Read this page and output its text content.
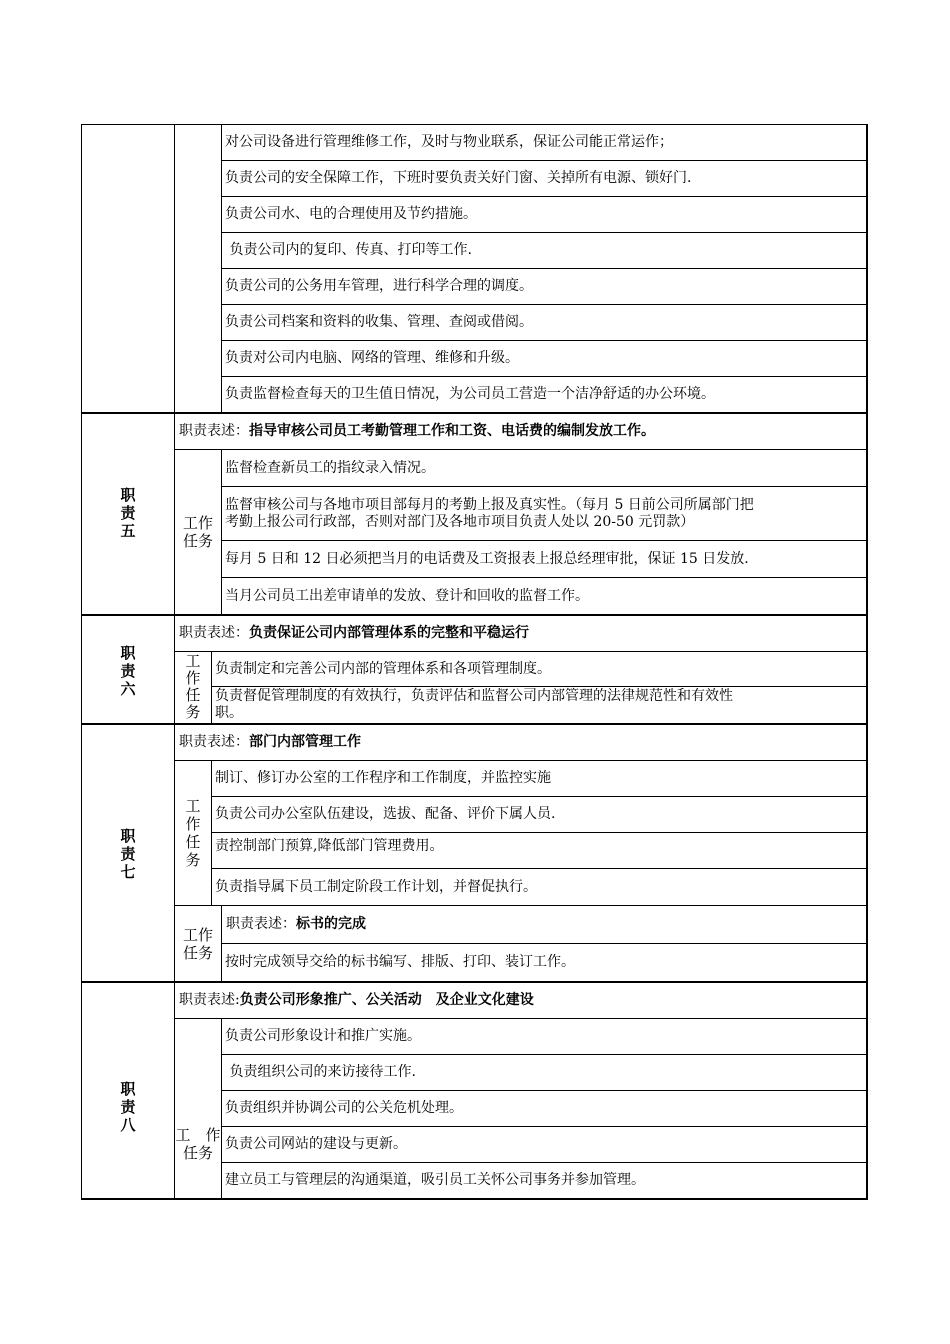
对公司设备进行管理维修工作，及时与物业联系，保证公司能正常运作；
负责公司的安全保障工作，下班时要负责关好门窗、关掉所有电源、锁好门.
负责公司水、电的合理使用及节约措施。
负责公司内的复印、传真、打印等工作.
负责公司的公务用车管理，进行科学合理的调度。
负责公司档案和资料的收集、管理、查阅或借阅。
负责对公司内电脑、网络的管理、维修和升级。
负责监督检查每天的卫生值日情况，为公司员工营造一个洁净舒适的办公环境。
职
责
五
职责表述： 指导审核公司员工考勤管理工作和工资、电话费的编制发放工作。
工作
任务
监督检查新员工的指纹录入情况。
监督审核公司与各地市项目部每月的考勤上报及真实性。（每月 5 日前公司所属部门把
考勤上报公司行政部，否则对部门及各地市项目负责人处以 20-50 元罚款）
每月 5 日和 12 日必须把当月的电话费及工资报表上报总经理审批，保证 15 日发放.
当月公司员工出差审请单的发放、登计和回收的监督工作。
职
责
六
职责表述： 负责保证公司内部管理体系的完整和平稳运行
工
作
任
务
负责制定和完善公司内部的管理体系和各项管理制度。
负责督促管理制度的有效执行，负责评估和监督公司内部管理的法律规范性和有效性
职。
职
责
七
职责表述： 部门内部管理工作
工
作
任
务
制订、修订办公室的工作程序和工作制度，并监控实施
负责公司办公室队伍建设，选拔、配备、评价下属人员.
责控制部门预算,降低部门管理费用。
负责指导属下员工制定阶段工作计划，并督促执行。
工作
任务
职责表述： 标书的完成
按时完成领导交给的标书编写、排版、打印、装订工作。
职
责
八
职责表述: 负责公司形象推广、公关活动　及企业文化建设

工　作
任务

负责公司形象设计和推广实施。
负责组织公司的来访接待工作.
负责组织并协调公司的公关危机处理。
负责公司网站的建设与更新。
建立员工与管理层的沟通渠道，吸引员工关怀公司事务并参加管理。
